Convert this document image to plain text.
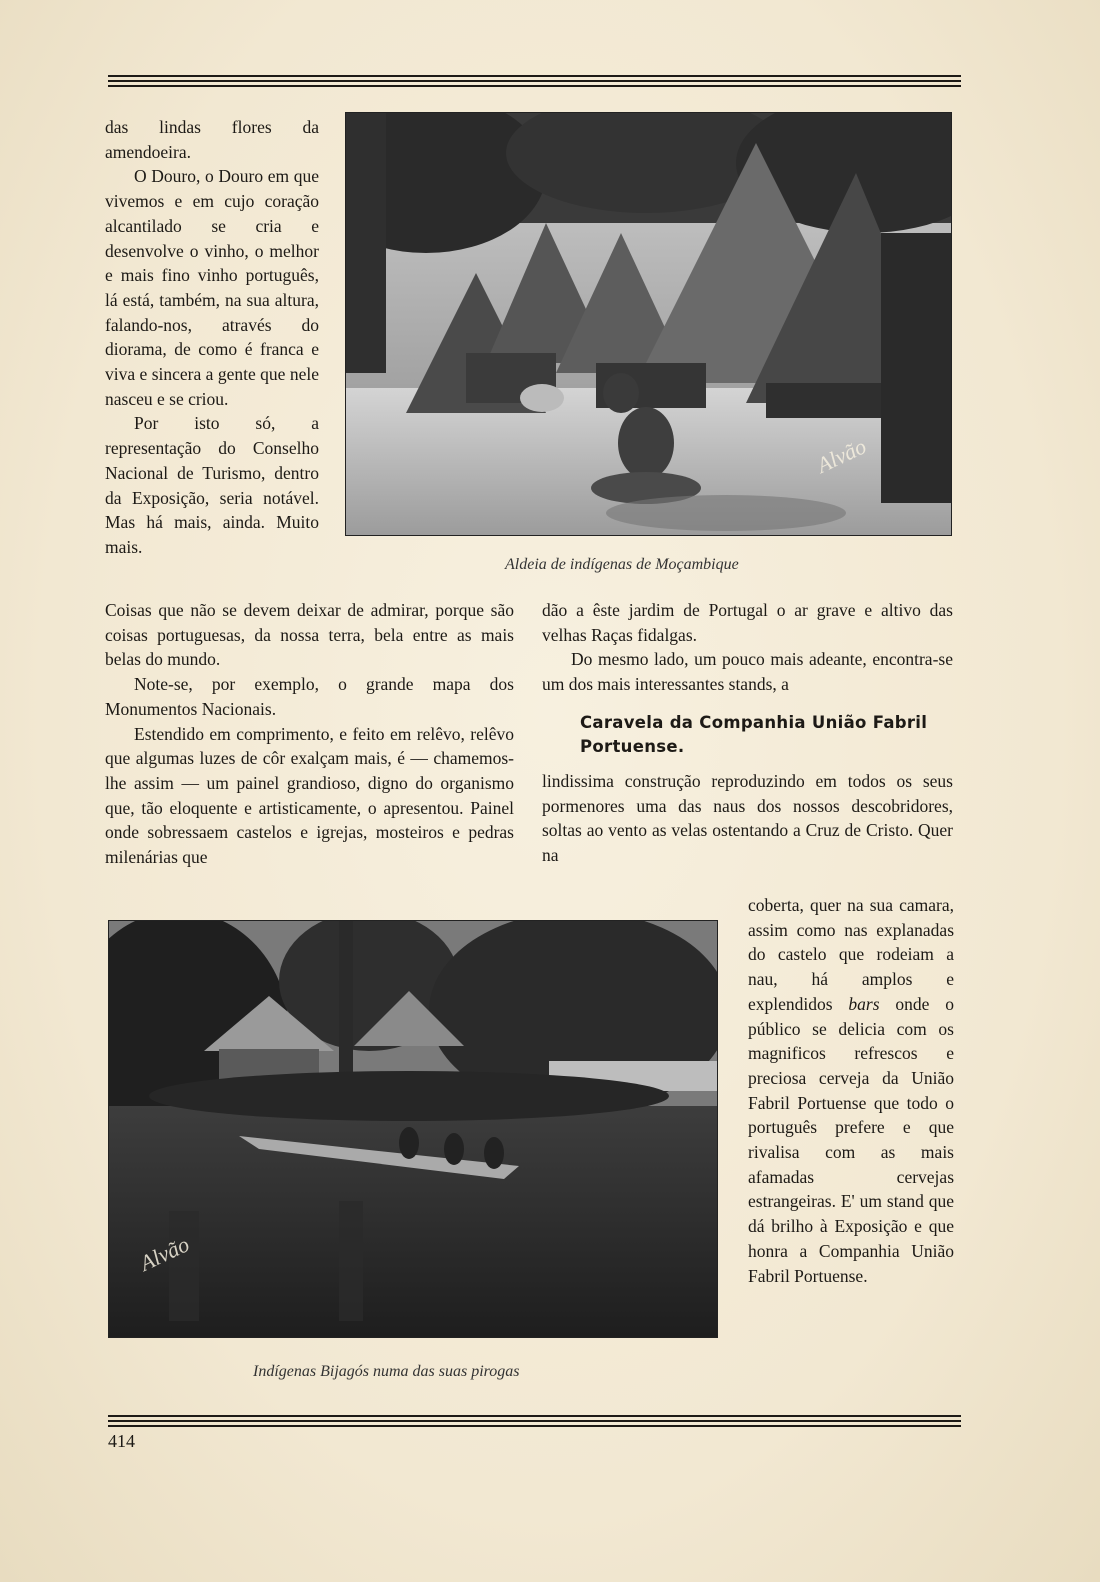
Alvão
Aldeia de indígenas de Moçambique

das lindas flores da amendoeira.

O Douro, o Douro em que vivemos e em cujo coração alcantilado se cria e desenvolve o vinho, o melhor e mais fino vinho português, lá está, também, na sua altura, falando-nos, através do diorama, de como é franca e viva e sincera a gente que nele nasceu e se criou.

Por isto só, a representação do Conselho Nacional de Turismo, dentro da Exposição, seria notável. Mas há mais, ainda. Muito mais.

Coisas que não se devem deixar de admirar, porque são coisas portuguesas, da nossa terra, bela entre as mais belas do mundo.

Note-se, por exemplo, o grande mapa dos Monumentos Nacionais.

Estendido em comprimento, e feito em relêvo, relêvo que algumas luzes de côr exalçam mais, é — chamemos-lhe assim — um painel grandioso, digno do organismo que, tão eloquente e artisticamente, o apresentou. Painel onde sobressaem castelos e igrejas, mosteiros e pedras milenárias que

dão a êste jardim de Portugal o ar grave e altivo das velhas Raças fidalgas.

Do mesmo lado, um pouco mais adeante, encontra-se um dos mais interessantes stands, a

Caravela da Companhia União Fabril Portuense.

lindissima construção reproduzindo em todos os seus pormenores uma das naus dos nossos descobridores, soltas ao vento as velas ostentando a Cruz de Cristo. Quer na

coberta, quer na sua camara, assim como nas explanadas do castelo que rodeiam a nau, há amplos e explendidos bars onde o público se delicia com os magnificos refrescos e preciosa cerveja da União Fabril Portuense que todo o português prefere e que rivalisa com as mais afamadas cervejas estrangeiras. E' um stand que dá brilho à Exposição e que honra a Companhia União Fabril Portuense.

Alvão
Indígenas Bijagós numa das suas pirogas
414
